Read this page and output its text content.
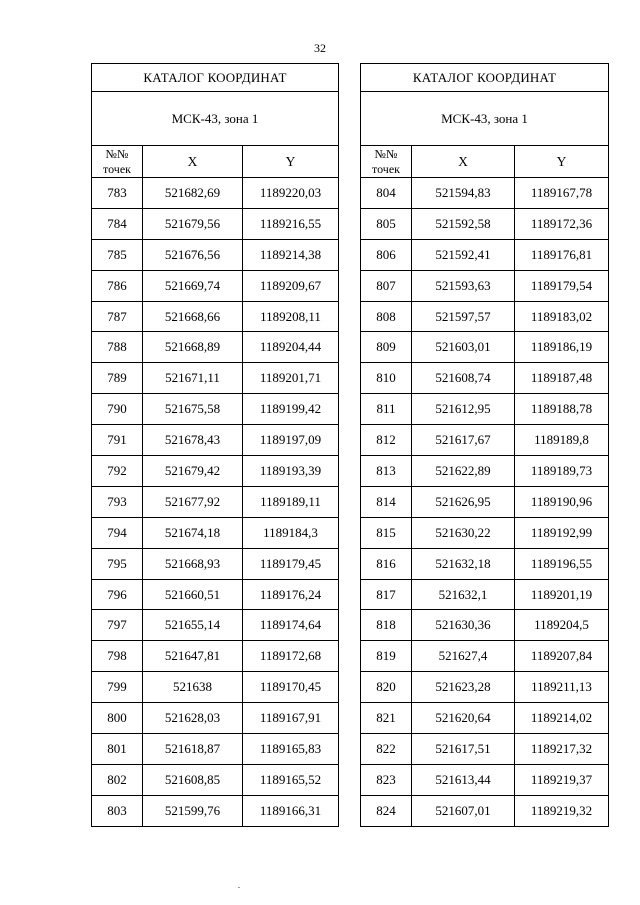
32
КАТАЛОГ КООРДИНАТ		
МСК-43, зона 1		

№№
точек	X	Y
783	521682,69	1189220,03
784	521679,56	1189216,55
785	521676,56	1189214,38
786	521669,74	1189209,67
787	521668,66	1189208,11
788	521668,89	1189204,44
789	521671,11	1189201,71
790	521675,58	1189199,42
791	521678,43	1189197,09
792	521679,42	1189193,39
793	521677,92	1189189,11
794	521674,18	1189184,3
795	521668,93	1189179,45
796	521660,51	1189176,24
797	521655,14	1189174,64
798	521647,81	1189172,68
799	521638	1189170,45
800	521628,03	1189167,91
801	521618,87	1189165,83
802	521608,85	1189165,52
803	521599,76	1189166,31
КАТАЛОГ КООРДИНАТ		
МСК-43, зона 1		

№№
точек	X	Y
804	521594,83	1189167,78
805	521592,58	1189172,36
806	521592,41	1189176,81
807	521593,63	1189179,54
808	521597,57	1189183,02
809	521603,01	1189186,19
810	521608,74	1189187,48
811	521612,95	1189188,78
812	521617,67	1189189,8
813	521622,89	1189189,73
814	521626,95	1189190,96
815	521630,22	1189192,99
816	521632,18	1189196,55
817	521632,1	1189201,19
818	521630,36	1189204,5
819	521627,4	1189207,84
820	521623,28	1189211,13
821	521620,64	1189214,02
822	521617,51	1189217,32
823	521613,44	1189219,37
824	521607,01	1189219,32
